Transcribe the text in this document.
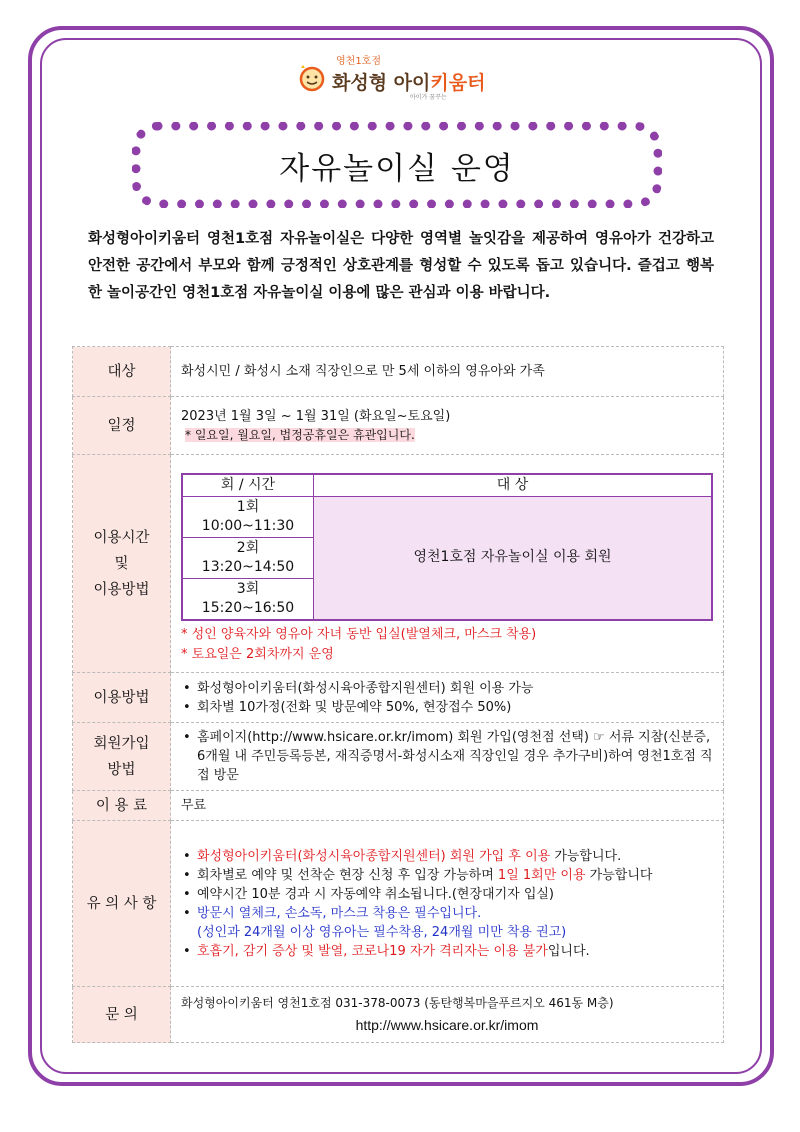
영천1호점
화성형 아이키움터
아이가 꿈꾸는
자유놀이실 운영
화성형아이키움터 영천1호점 자유놀이실은 다양한 영역별 놀잇감을 제공하여 영유아가 건강하고 안전한 공간에서 부모와 함께 긍정적인 상호관계를 형성할 수 있도록 돕고 있습니다. 즐겁고 행복한 놀이공간인 영천1호점 자유놀이실 이용에 많은 관심과 이용 바랍니다.
대상	화성시민 / 화성시 소재 직장인으로 만 5세 이하의 영유아와 가족
일정	
2023년 1월 3일 ~ 1월 31일 (화요일~토요일)
* 일요일, 월요일, 법정공휴일은 휴관입니다.

이용시간
및
이용방법

회 / 시간	대 상

1회
10:00~11:30
	영천1호점 자유놀이실 이용 회원

2회
13:20~14:50

3회
15:20~16:50
* 성인 양육자와 영유아 자녀 동반 입실(발열체크, 마스크 착용)
* 토요일은 2회차까지 운영

이용방법	
• 화성형아이키움터(화성시육아종합지원센터) 회원 이용 가능
• 회차별 10가정(전화 및 방문예약 50%, 현장접수 50%)

회원가입
방법

• 홈페이지(http://www.hsicare.or.kr/imom) 회원 가입(영천점 선택) ☞ 서류 지참(신분증, 6개월 내 주민등록등본, 재직증명서-화성시소재 직장인일 경우 추가구비)하여 영천1호점 직접 방문

이 용 료	무료
유 의 사 항	
• 화성형아이키움터(화성시육아종합지원센터) 회원 가입 후 이용 가능합니다.
• 회차별로 예약 및 선착순 현장 신청 후 입장 가능하며 1일 1회만 이용 가능합니다
• 예약시간 10분 경과 시 자동예약 취소됩니다.(현장대기자 입실)
• 방문시 열체크, 손소독, 마스크 착용은 필수입니다.
(성인과 24개월 이상 영유아는 필수착용, 24개월 미만 착용 권고)
• 호흡기, 감기 증상 및 발열, 코로나19 자가 격리자는 이용 불가입니다.

문 의	
화성형아이키움터 영천1호점 031-378-0073 (동탄행복마을푸르지오 461동 M층)
http://www.hsicare.or.kr/imom
